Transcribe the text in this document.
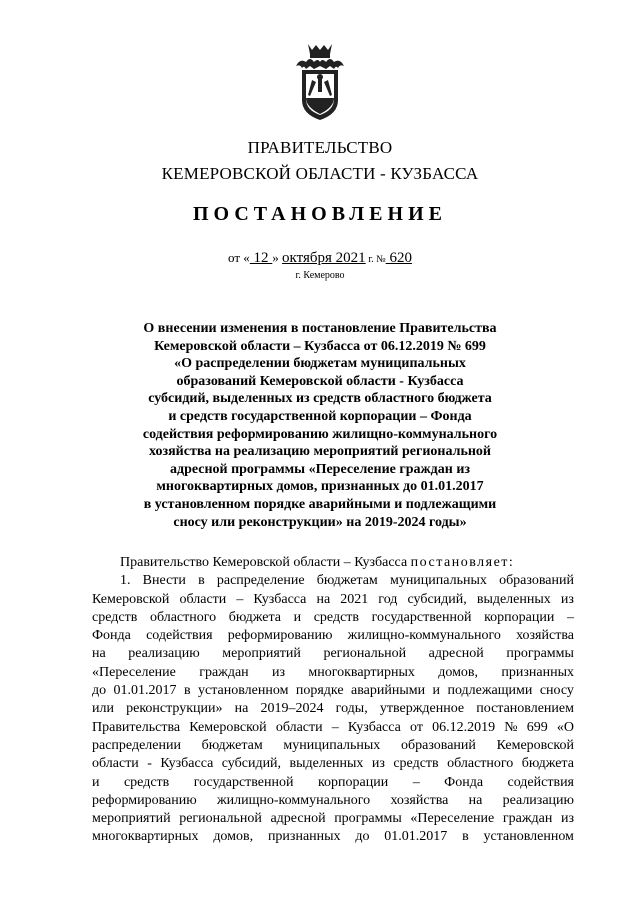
ПРАВИТЕЛЬСТВО
КЕМЕРОВСКОЙ ОБЛАСТИ - КУЗБАССА
ПОСТАНОВЛЕНИЕ
от « 12 » октября 2021 г. № 620
г. Кемерово
О внесении изменения в постановление Правительства
Кемеровской области – Кузбасса от 06.12.2019 № 699
«О распределении бюджетам муниципальных
образований Кемеровской области - Кузбасса
субсидий, выделенных из средств областного бюджета
и средств государственной корпорации – Фонда
содействия реформированию жилищно-коммунального
хозяйства на реализацию мероприятий региональной
адресной программы «Переселение граждан из
многоквартирных домов, признанных до 01.01.2017
в установленном порядке аварийными и подлежащими
сносу или реконструкции» на 2019-2024 годы»
Правительство Кемеровской области – Кузбасса постановляет:
1. Внести в распределение бюджетам муниципальных образований
Кемеровской области – Кузбасса на 2021 год субсидий, выделенных из
средств областного бюджета и средств государственной корпорации –
Фонда содействия реформированию жилищно-коммунального хозяйства
на реализацию мероприятий региональной адресной программы
«Переселение граждан из многоквартирных домов, признанных
до 01.01.2017 в установленном порядке аварийными и подлежащими сносу
или реконструкции» на 2019–2024 годы, утвержденное постановлением
Правительства Кемеровской области – Кузбасса от 06.12.2019 № 699 «О
распределении бюджетам муниципальных образований Кемеровской
области - Кузбасса субсидий, выделенных из средств областного бюджета
и средств государственной корпорации – Фонда содействия
реформированию жилищно-коммунального хозяйства на реализацию
мероприятий региональной адресной программы «Переселение граждан из
многоквартирных домов, признанных до 01.01.2017 в установленном
